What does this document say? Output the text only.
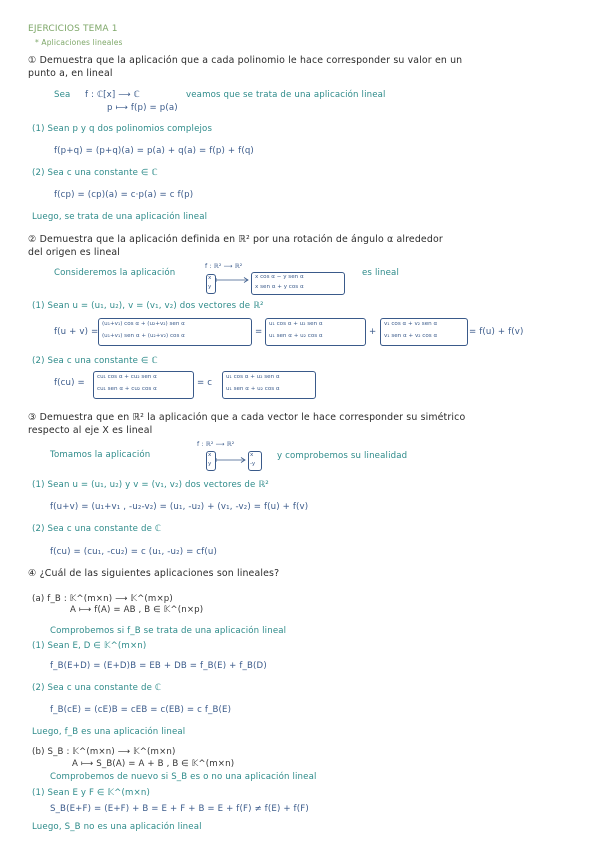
EJERCICIOS TEMA 1
* Aplicaciones lineales
① Demuestra que la aplicación que a cada polinomio le hace corresponder su valor en un
punto a, en lineal
Sea f : ℂ[x] ⟶ ℂ
p ⟼ f(p) = p(a)
veamos que se trata de una aplicación lineal
(1) Sean p y q dos polinomios complejos
f(p+q) = (p+q)(a) = p(a) + q(a) = f(p) + f(q)
(2) Sea c una constante ∈ ℂ
f(cp) = (cp)(a) = c·p(a) = c f(p)
Luego, se trata de una aplicación lineal
② Demuestra que la aplicación definida en ℝ² por una rotación de ángulo α alrededor
del origen es lineal
Consideremos la aplicación
f : ℝ² ⟶ ℝ²
x
y
x cos α − y sen α
x sen α + y cos α
es lineal
(1) Sean u = (u₁, u₂), v = (v₁, v₂) dos vectores de ℝ²
f(u + v) =
(u₁+v₁) cos α + (u₂+v₂) sen α
(u₁+v₁) sen α + (u₂+v₂) cos α	=
u₁ cos α + u₂ sen α
u₁ sen α + u₂ cos α	+
v₁ cos α + v₂ sen α
v₁ sen α + v₂ cos α	= f(u) + f(v)
(2) Sea c una constante ∈ ℂ
f(cu) =
cu₁ cos α + cu₂ sen α
cu₁ sen α + cu₂ cos α
= c
u₁ cos α + u₂ sen α
u₁ sen α + u₂ cos α
③ Demuestra que en ℝ² la aplicación que a cada vector le hace corresponder su simétrico
respecto al eje X es lineal
Tomamos la aplicación
f : ℝ² ⟶ ℝ²
x
y
x
-y
y comprobemos su linealidad
(1) Sean u = (u₁, u₂) y v = (v₁, v₂) dos vectores de ℝ²
f(u+v) = (u₁+v₁ , -u₂-v₂) = (u₁, -u₂) + (v₁, -v₂) = f(u) + f(v)
(2) Sea c una constante de ℂ
f(cu) = (cu₁, -cu₂) = c (u₁, -u₂) = cf(u)
④ ¿Cuál de las siguientes aplicaciones son lineales?
(a) f_B : 𝕂^(m×n) ⟶ 𝕂^(m×p)
A ⟼ f(A) = AB , B ∈ 𝕂^(n×p)
Comprobemos si f_B se trata de una aplicación lineal
(1) Sean E, D ∈ 𝕂^(m×n)
f_B(E+D) = (E+D)B = EB + DB = f_B(E) + f_B(D)
(2) Sea c una constante de ℂ
f_B(cE) = (cE)B = cEB = c(EB) = c f_B(E)
Luego, f_B es una aplicación lineal
(b) S_B : 𝕂^(m×n) ⟶ 𝕂^(m×n)
A ⟼ S_B(A) = A + B , B ∈ 𝕂^(m×n)
Comprobemos de nuevo si S_B es o no una aplicación lineal
(1) Sean E y F ∈ 𝕂^(m×n)
S_B(E+F) = (E+F) + B = E + F + B = E + f(F) ≠ f(E) + f(F)
Luego, S_B no es una aplicación lineal
